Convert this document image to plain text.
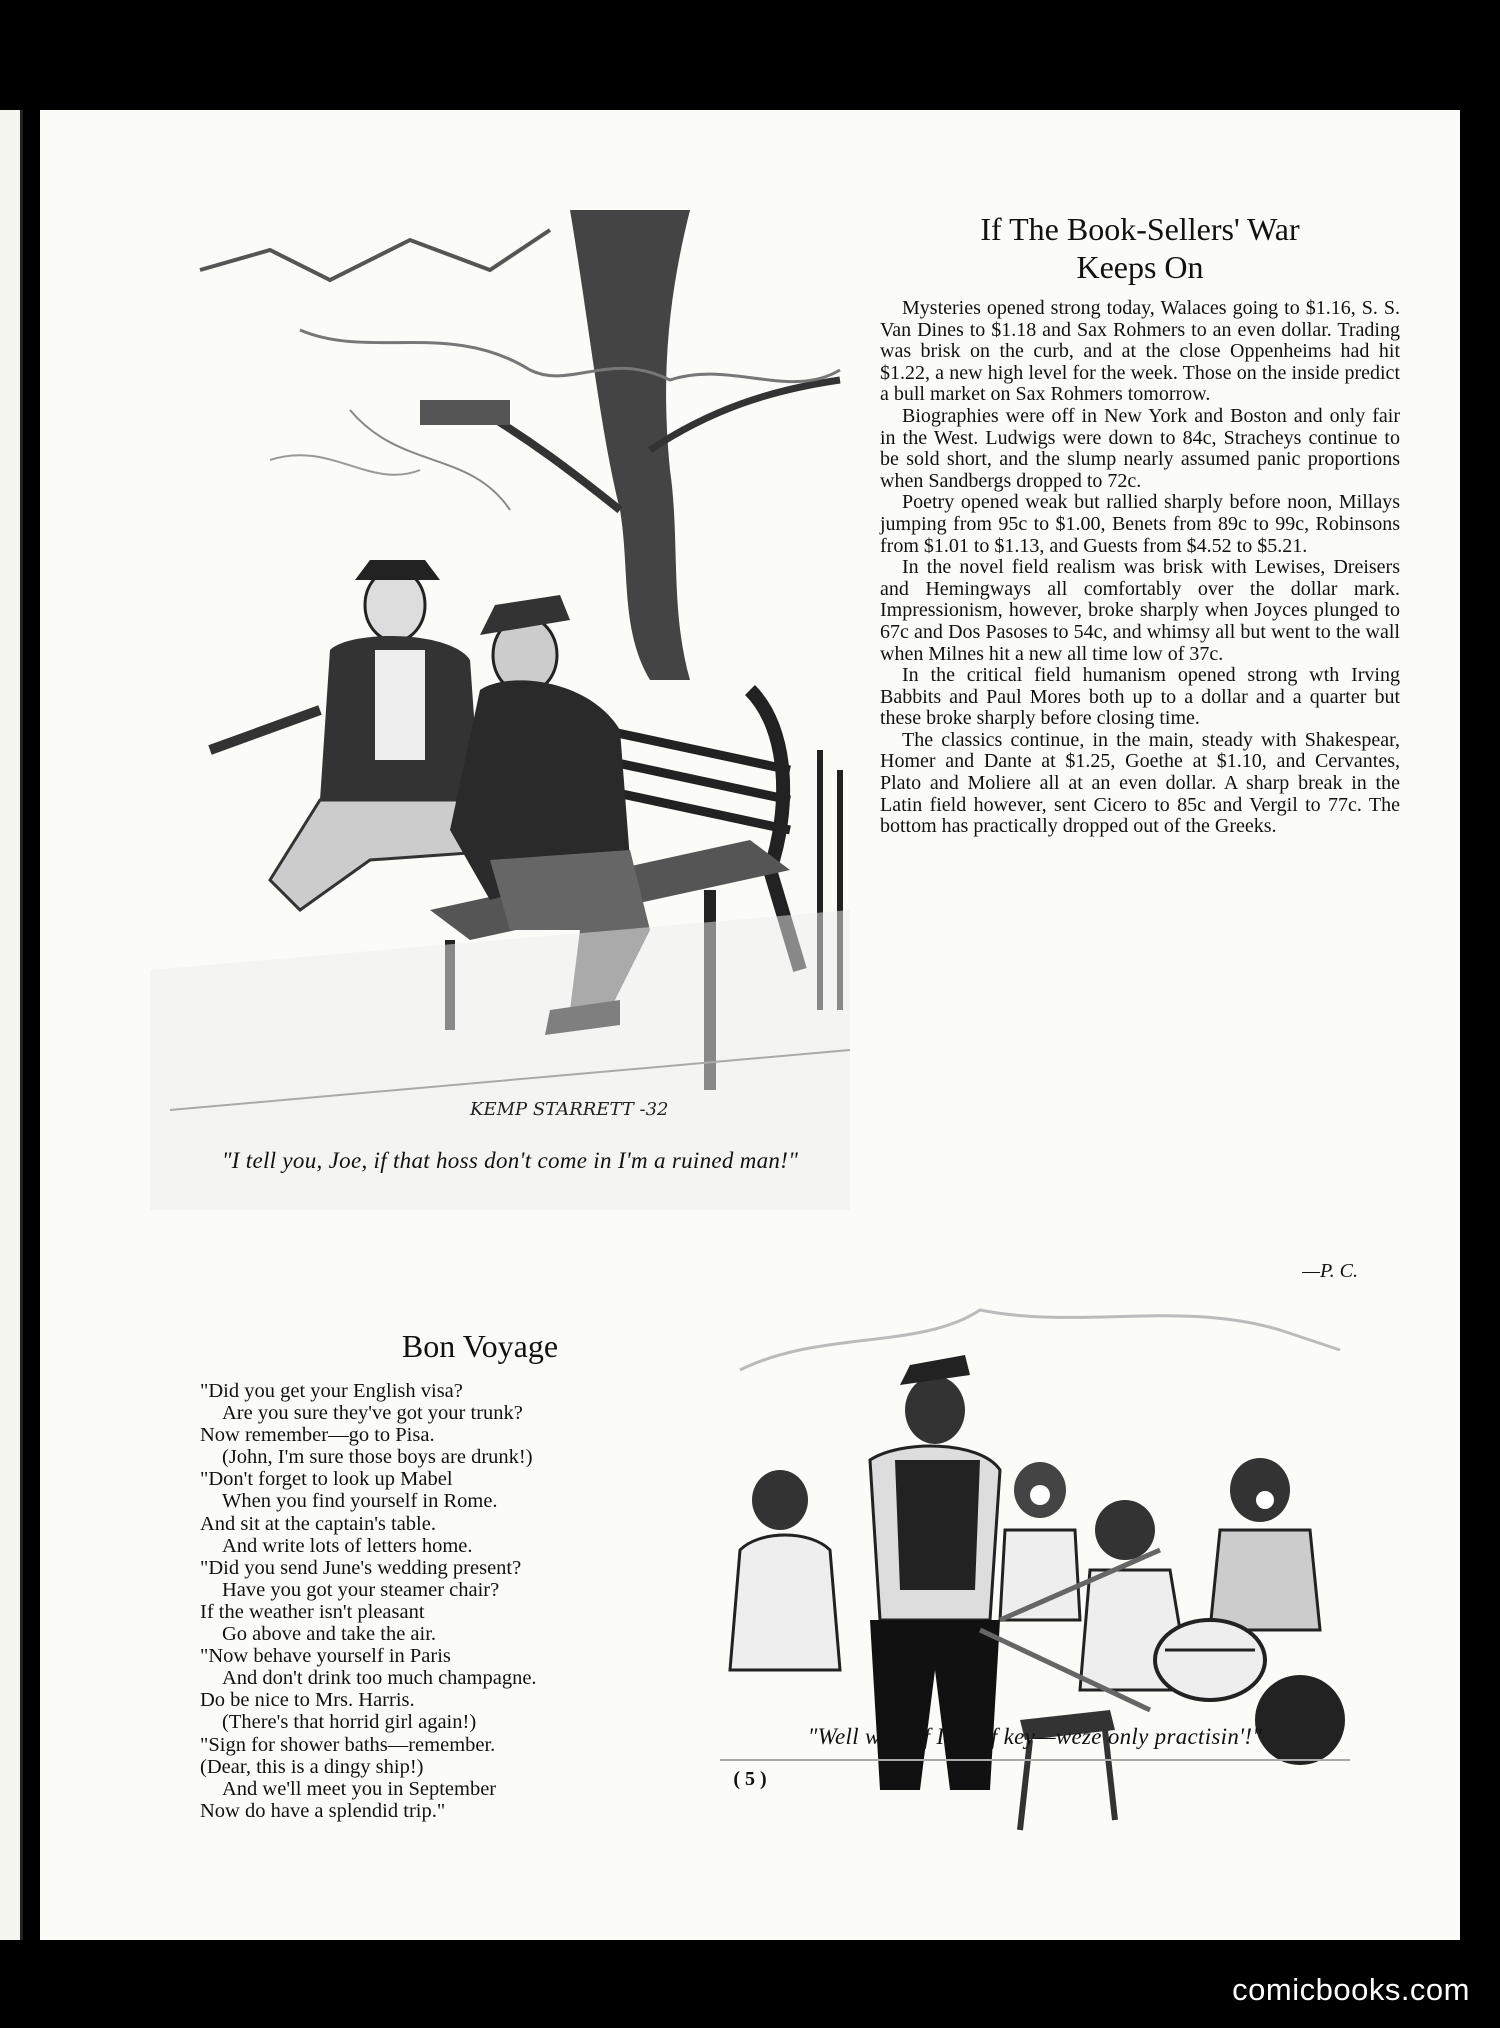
KEMP STARRETT -32
"I tell you, Joe, if that hoss don't come in I'm a ruined man!"
If The Book-Sellers' War
Keeps On

Mysteries opened strong today, Walaces going to $1.16, S. S. Van Dines to $1.18 and Sax Rohmers to an even dollar. Trading was brisk on the curb, and at the close Oppenheims had hit $1.22, a new high level for the week. Those on the inside predict a bull market on Sax Rohmers tomorrow.

Biographies were off in New York and Boston and only fair in the West. Ludwigs were down to 84c, Stracheys continue to be sold short, and the slump nearly assumed panic proportions when Sandbergs dropped to 72c.

Poetry opened weak but rallied sharply before noon, Millays jumping from 95c to $1.00, Benets from 89c to 99c, Robinsons from $1.01 to $1.13, and Guests from $4.52 to $5.21.

In the novel field realism was brisk with Lewises, Dreisers and Hemingways all comfortably over the dollar mark. Impressionism, however, broke sharply when Joyces plunged to 67c and Dos Pasoses to 54c, and whimsy all but went to the wall when Milnes hit a new all time low of 37c.

In the critical field humanism opened strong wth Irving Babbits and Paul Mores both up to a dollar and a quarter but these broke sharply before closing time.

The classics continue, in the main, steady with Shakespear, Homer and Dante at $1.25, Goethe at $1.10, and Cervantes, Plato and Moliere all at an even dollar. A sharp break in the Latin field however, sent Cicero to 85c and Vergil to 77c. The bottom has practically dropped out of the Greeks.

—P. C.
Bon Voyage
"Did you get your English visa?
Are you sure they've got your trunk?
Now remember—go to Pisa.
(John, I'm sure those boys are drunk!)
"Don't forget to look up Mabel
When you find yourself in Rome.
And sit at the captain's table.
And write lots of letters home.
"Did you send June's wedding present?
Have you got your steamer chair?
If the weather isn't pleasant
Go above and take the air.
"Now behave yourself in Paris
And don't drink too much champagne.
Do be nice to Mrs. Harris.
(There's that horrid girl again!)
"Sign for shower baths—remember.
(Dear, this is a dingy ship!)
And we'll meet you in September
Now do have a splendid trip."
"Well what if I is off key—weze only practisin'!"
( 5 )
comicbooks.com
